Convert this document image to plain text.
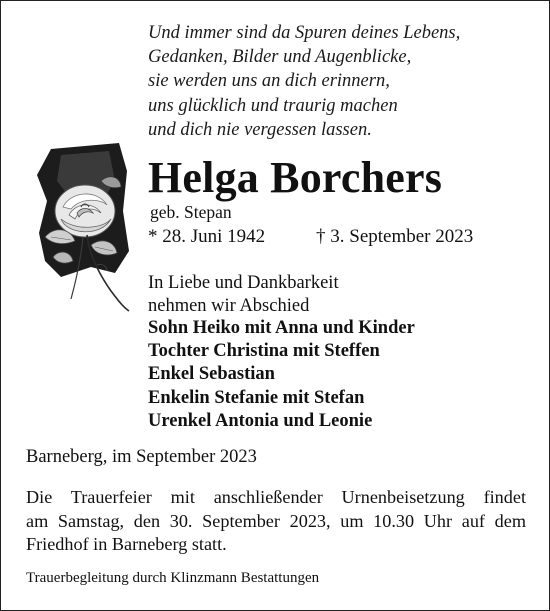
Und immer sind da Spuren deines Lebens,
Gedanken, Bilder und Augenblicke,
sie werden uns an dich erinnern,
uns glücklich und traurig machen
und dich nie vergessen lassen.
Helga Borchers
geb. Stepan
* 28. Juni 1942	† 3. September 2023
In Liebe und Dankbarkeit
nehmen wir Abschied
Sohn Heiko mit Anna und Kinder
Tochter Christina mit Steffen
Enkel Sebastian
Enkelin Stefanie mit Stefan
Urenkel Antonia und Leonie
Barneberg, im September 2023
Die Trauerfeier mit anschließender Urnenbeisetzung findet
am Samstag, den 30. September 2023, um 10.30 Uhr auf dem
Friedhof in Barneberg statt.
Trauerbegleitung durch Klinzmann Bestattungen
